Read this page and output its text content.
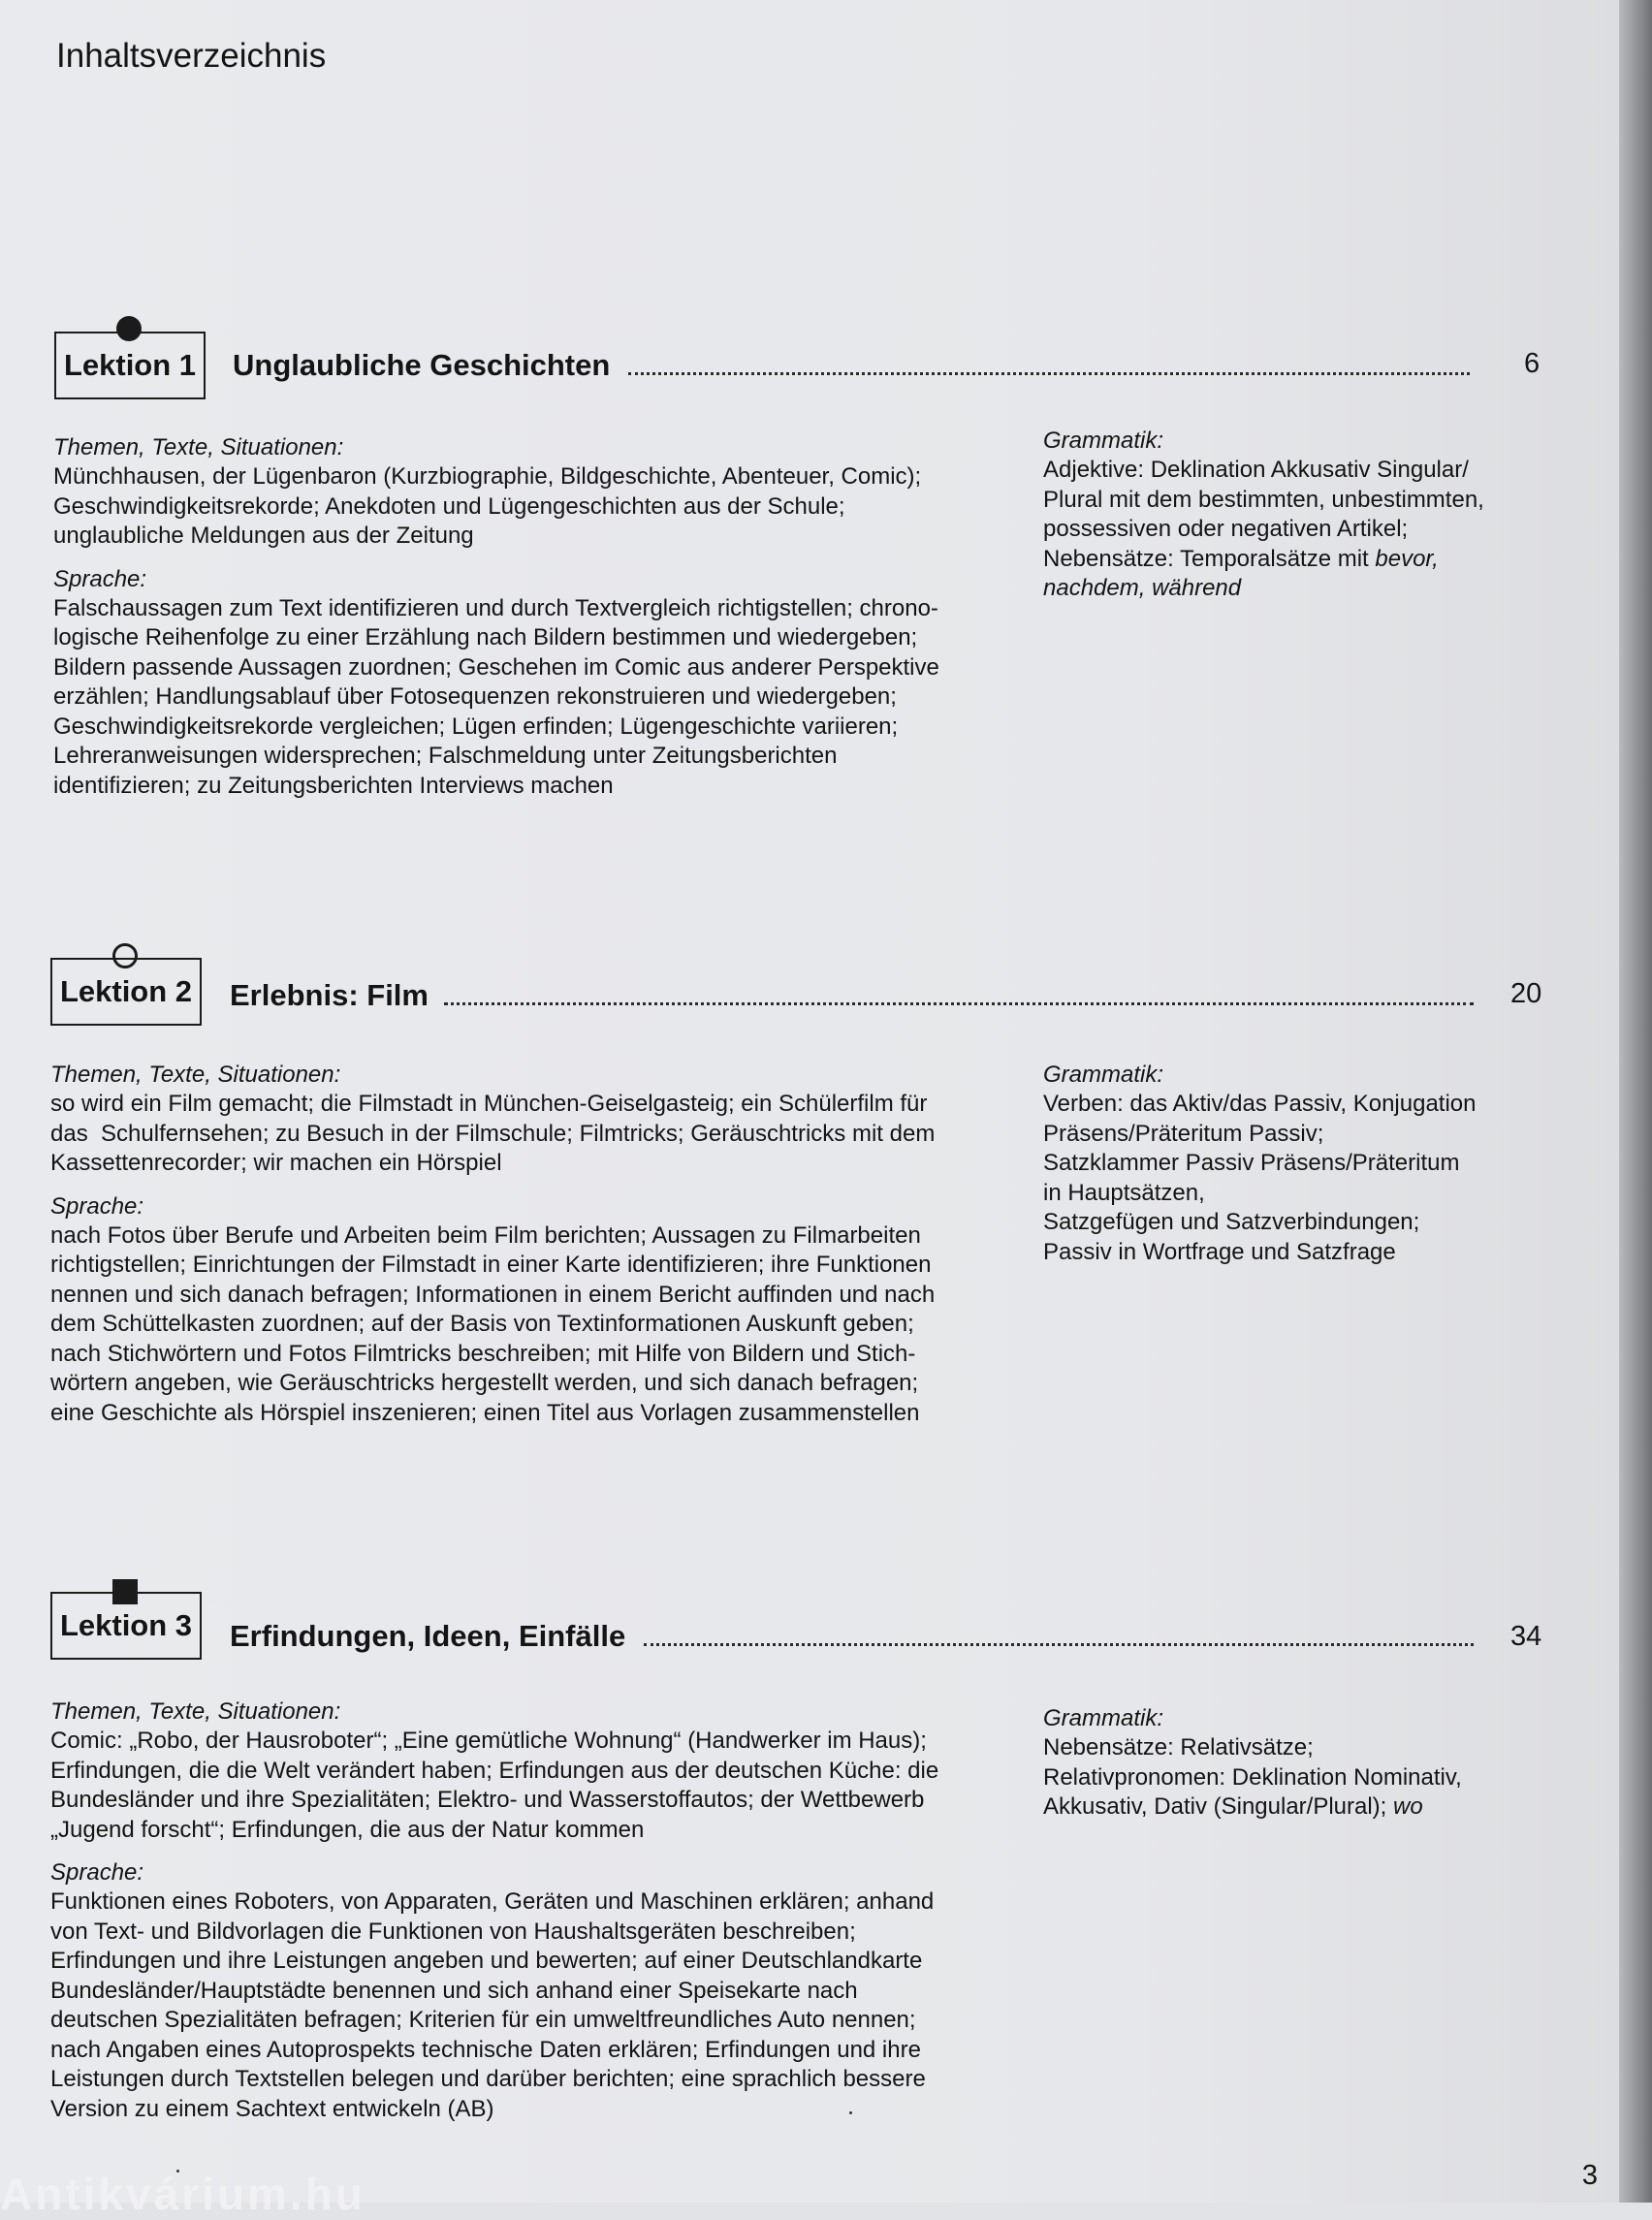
Inhaltsverzeichnis
Lektion 1	Unglaubliche Geschichten	6
Themen, Texte, Situationen:
Münchhausen, der Lügenbaron (Kurzbiographie, Bildgeschichte, Abenteuer, Comic);
Geschwindigkeitsrekorde; Anekdoten und Lügengeschichten aus der Schule;
unglaubliche Meldungen aus der Zeitung
Sprache:
Falschaussagen zum Text identifizieren und durch Textvergleich richtigstellen; chrono-
logische Reihenfolge zu einer Erzählung nach Bildern bestimmen und wiedergeben;
Bildern passende Aussagen zuordnen; Geschehen im Comic aus anderer Perspektive
erzählen; Handlungsablauf über Fotosequenzen rekonstruieren und wiedergeben;
Geschwindigkeitsrekorde vergleichen; Lügen erfinden; Lügengeschichte variieren;
Lehreranweisungen widersprechen; Falschmeldung unter Zeitungsberichten
identifizieren; zu Zeitungsberichten Interviews machen
Grammatik:
Adjektive: Deklination Akkusativ Singular/
Plural mit dem bestimmten, unbestimmten,
possessiven oder negativen Artikel;
Nebensätze: Temporalsätze mit bevor,
nachdem, während
Lektion 2	Erlebnis: Film	20
Themen, Texte, Situationen:
so wird ein Film gemacht; die Filmstadt in München-Geiselgasteig; ein Schülerfilm für
das  Schulfernsehen; zu Besuch in der Filmschule; Filmtricks; Geräuschtricks mit dem
Kassettenrecorder; wir machen ein Hörspiel
Sprache:
nach Fotos über Berufe und Arbeiten beim Film berichten; Aussagen zu Filmarbeiten
richtigstellen; Einrichtungen der Filmstadt in einer Karte identifizieren; ihre Funktionen
nennen und sich danach befragen; Informationen in einem Bericht auffinden und nach
dem Schüttelkasten zuordnen; auf der Basis von Textinformationen Auskunft geben;
nach Stichwörtern und Fotos Filmtricks beschreiben; mit Hilfe von Bildern und Stich-
wörtern angeben, wie Geräuschtricks hergestellt werden, und sich danach befragen;
eine Geschichte als Hörspiel inszenieren; einen Titel aus Vorlagen zusammenstellen
Grammatik:
Verben: das Aktiv/das Passiv, Konjugation
Präsens/Präteritum Passiv;
Satzklammer Passiv Präsens/Präteritum
in Hauptsätzen,
Satzgefügen und Satzverbindungen;
Passiv in Wortfrage und Satzfrage
Lektion 3	Erfindungen, Ideen, Einfälle	34
Themen, Texte, Situationen:
Comic: „Robo, der Hausroboter“; „Eine gemütliche Wohnung“ (Handwerker im Haus);
Erfindungen, die die Welt verändert haben; Erfindungen aus der deutschen Küche: die
Bundesländer und ihre Spezialitäten; Elektro- und Wasserstoffautos; der Wettbewerb
„Jugend forscht“; Erfindungen, die aus der Natur kommen
Sprache:
Funktionen eines Roboters, von Apparaten, Geräten und Maschinen erklären; anhand
von Text- und Bildvorlagen die Funktionen von Haushaltsgeräten beschreiben;
Erfindungen und ihre Leistungen angeben und bewerten; auf einer Deutschlandkarte
Bundesländer/Hauptstädte benennen und sich anhand einer Speisekarte nach
deutschen Spezialitäten befragen; Kriterien für ein umweltfreundliches Auto nennen;
nach Angaben eines Autoprospekts technische Daten erklären; Erfindungen und ihre
Leistungen durch Textstellen belegen und darüber berichten; eine sprachlich bessere
Version zu einem Sachtext entwickeln (AB)
Grammatik:
Nebensätze: Relativsätze;
Relativpronomen: Deklination Nominativ,
Akkusativ, Dativ (Singular/Plural); wo
3
Antikvárium.hu
